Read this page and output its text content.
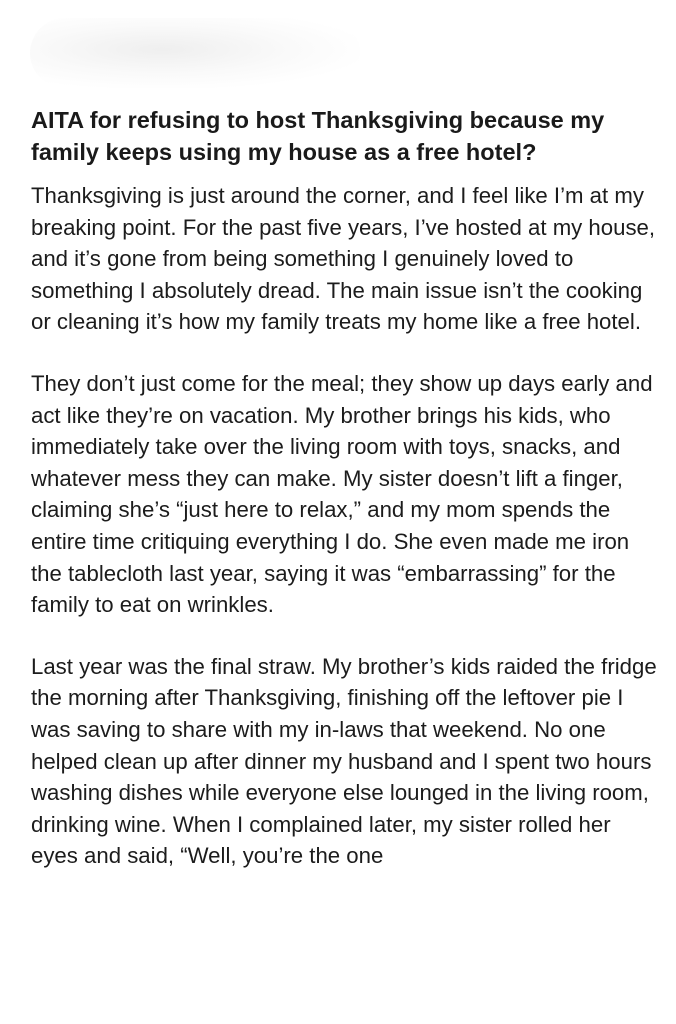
AITA for refusing to host Thanksgiving because my family keeps using my house as a free hotel?

Thanksgiving is just around the corner, and I feel like I’m at my breaking point. For the past five years, I’ve hosted at my house, and it’s gone from being something I genuinely loved to something I absolutely dread. The main issue isn’t the cooking or cleaning it’s how my family treats my home like a free hotel.

They don’t just come for the meal; they show up days early and act like they’re on vacation. My brother brings his kids, who immediately take over the living room with toys, snacks, and whatever mess they can make. My sister doesn’t lift a finger, claiming she’s “just here to relax,” and my mom spends the entire time critiquing everything I do. She even made me iron the tablecloth last year, saying it was “embarrassing” for the family to eat on wrinkles.

Last year was the final straw. My brother’s kids raided the fridge the morning after Thanksgiving, finishing off the leftover pie I was saving to share with my in-laws that weekend. No one helped clean up after dinner my husband and I spent two hours washing dishes while everyone else lounged in the living room, drinking wine. When I complained later, my sister rolled her eyes and said, “Well, you’re the one
